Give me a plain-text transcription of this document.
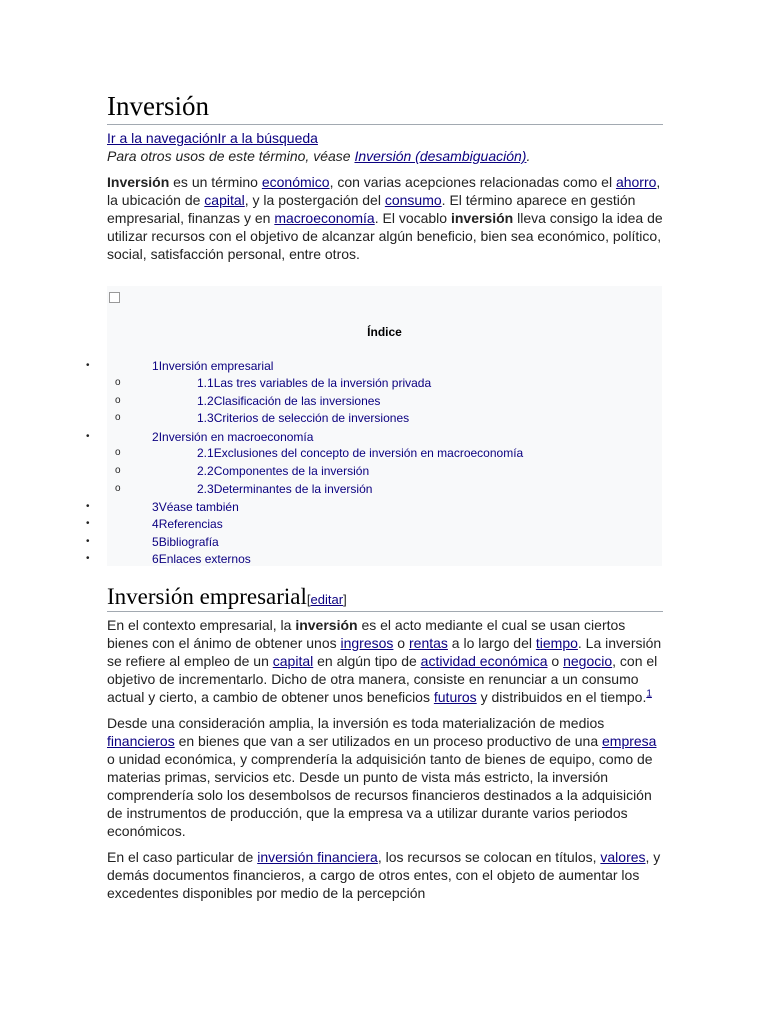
Inversión
Ir a la navegaciónIr a la búsqueda
Para otros usos de este término, véase Inversión (desambiguación).

Inversión es un término económico, con varias acepciones relacionadas como el ahorro, la ubicación de capital, y la postergación del consumo. El término aparece en gestión empresarial, finanzas y en macroeconomía. El vocablo inversión lleva consigo la idea de utilizar recursos con el objetivo de alcanzar algún beneficio, bien sea económico, político, social, satisfacción personal, entre otros.

Índice
•	1Inversión empresarial
o	1.1Las tres variables de la inversión privada
o	1.2Clasificación de las inversiones
o	1.3Criterios de selección de inversiones
•	2Inversión en macroeconomía
o	2.1Exclusiones del concepto de inversión en macroeconomía
o	2.2Componentes de la inversión
o	2.3Determinantes de la inversión
•	3Véase también
•	4Referencias
•	5Bibliografía
•	6Enlaces externos
Inversión empresarial[editar]

En el contexto empresarial, la inversión es el acto mediante el cual se usan ciertos bienes con el ánimo de obtener unos ingresos o rentas a lo largo del tiempo. La inversión se refiere al empleo de un capital en algún tipo de actividad económica o negocio, con el objetivo de incrementarlo. Dicho de otra manera, consiste en renunciar a un consumo actual y cierto, a cambio de obtener unos beneficios futuros y distribuidos en el tiempo.$^1$

Desde una consideración amplia, la inversión es toda materialización de medios financieros en bienes que van a ser utilizados en un proceso productivo de una empresa o unidad económica, y comprendería la adquisición tanto de bienes de equipo, como de materias primas, servicios etc. Desde un punto de vista más estricto, la inversión comprendería solo los desembolsos de recursos financieros destinados a la adquisición de instrumentos de producción, que la empresa va a utilizar durante varios periodos económicos.

En el caso particular de inversión financiera, los recursos se colocan en títulos, valores, y demás documentos financieros, a cargo de otros entes, con el objeto de aumentar los excedentes disponibles por medio de la percepción
